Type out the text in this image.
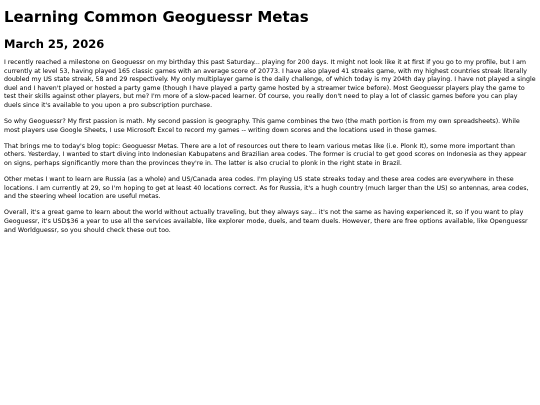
Learning Common Geoguessr Metas
March 25, 2026

I recently reached a milestone on Geoguessr on my birthday this past Saturday... playing for 200 days. It might not look like it at first if you go to my profile, but I am currently at level 53, having played 165 classic games with an average score of 20773. I have also played 41 streaks game, with my highest countries streak literally doubled my US state streak, 58 and 29 respectively. My only multiplayer game is the daily challenge, of which today is my 204th day playing. I have not played a single duel and I haven't played or hosted a party game (though I have played a party game hosted by a streamer twice before). Most Geoguessr players play the game to test their skills against other players, but me? I'm more of a slow-paced learner. Of course, you really don't need to play a lot of classic games before you can play duels since it's available to you upon a pro subscription purchase.

So why Geoguessr? My first passion is math. My second passion is geography. This game combines the two (the math portion is from my own spreadsheets). While most players use Google Sheets, I use Microsoft Excel to record my games -- writing down scores and the locations used in those games.

That brings me to today's blog topic: Geoguessr Metas. There are a lot of resources out there to learn various metas like (i.e. Plonk It), some more important than others. Yesterday, I wanted to start diving into Indonesian Kabupatens and Brazilian area codes. The former is crucial to get good scores on Indonesia as they appear on signs, perhaps significantly more than the provinces they're in. The latter is also crucial to plonk in the right state in Brazil.

Other metas I want to learn are Russia (as a whole) and US/Canada area codes. I'm playing US state streaks today and these area codes are everywhere in these locations. I am currently at 29, so I'm hoping to get at least 40 locations correct. As for Russia, it's a hugh country (much larger than the US) so antennas, area codes, and the steering wheel location are useful metas.

Overall, it's a great game to learn about the world without actually traveling, but they always say... it's not the same as having experienced it, so if you want to play Geoguessr, it's USD$36 a year to use all the services available, like explorer mode, duels, and team duels. However, there are free options available, like Openguessr and Worldguessr, so you should check these out too.
